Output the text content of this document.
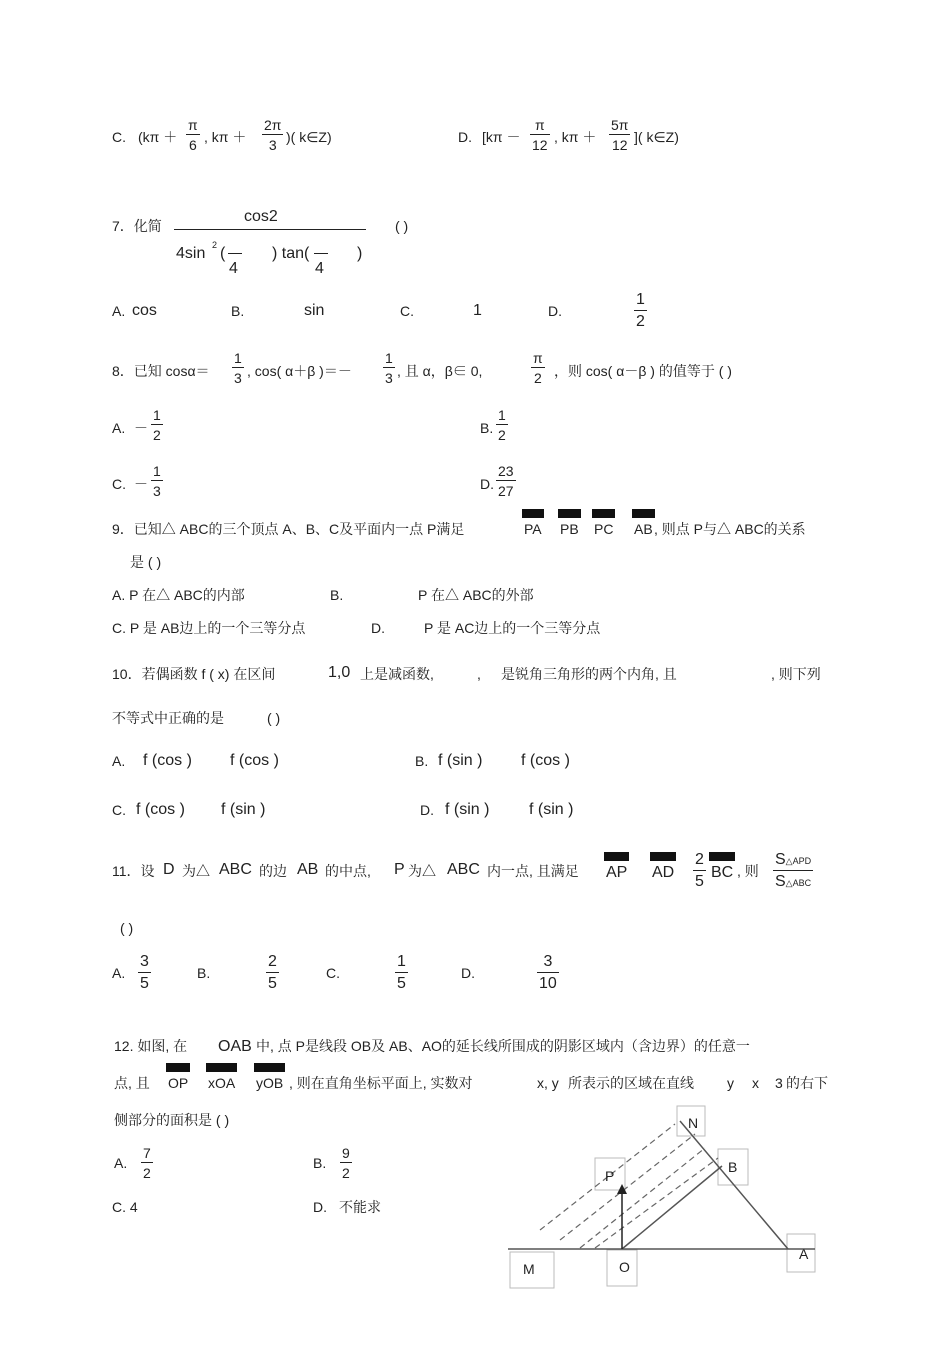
C. ($k\pi + \frac{\pi}{6}$ , $k\pi + \frac{2\pi}{3}$ )( k∈Z)	D. [$k\pi - \frac{\pi}{12}$ , $k\pi + \frac{5\pi}{12}$ ]( k∈Z)
7．化简
cos2
( )
4sin 2 (
4
) tan(
4
)
A. cos	B.	sin	C.	1	D.	$\frac{1}{2}$
8．已知 $\cos\alpha= \frac{1}{3}$ , cos( α＋β )＝－ $\frac{1}{3}$ , 且 α，β∈ 0,	$\frac{\pi}{2}$ ，则 cos( α－β ) 的值等于 ( )
A. － $\frac{1}{2}$	B. $\frac{1}{2}$
C. － $\frac{1}{3}$	D. $\frac{23}{27}$
9．已知△ ABC的三个顶点 A、B、C及平面内一点 P满足	PA PB PC AB , 则点 P与△ ABC的关系
是 ( )
A. P 在△ ABC的内部	B.	P 在△ ABC的外部
C. P 是 AB边上的一个三等分点	D.	P 是 AC边上的一个三等分点
10．若偶函数 f ( x) 在区间	1,0 上是减函数,	, 是锐角三角形的两个内角, 且	, 则下列
不等式中正确的是	( )
A. f (cos ) f (cos )	B. f (sin ) f (cos )
C. f (cos ) f (sin )	D. f (sin ) f (sin )
11．设 D 为△ ABC 的边 AB 的中点, P 为△ ABC 内一点, 且满足 AP AD $\frac{2}{5}$ BC , 则
S△APD
S△ABC
( )
A. $\frac{3}{5}$	B.	$\frac{2}{5}$	C.	$\frac{1}{5}$	D.	$\frac{3}{10}$
12. 如图, 在 OAB 中, 点 P是线段 OB及 AB、AO的延长线所围成的阴影区域内（含边界）的任意一
点, 且 OP xOA yOB , 则在直角坐标平面上, 实数对	x, y 所表示的区域在直线 y x 3 的右下
侧部分的面积是 ( )
A. $\frac{7}{2}$	B. $\frac{9}{2}$
C. 4	D. 不能求
N
B
P
A
M	O
